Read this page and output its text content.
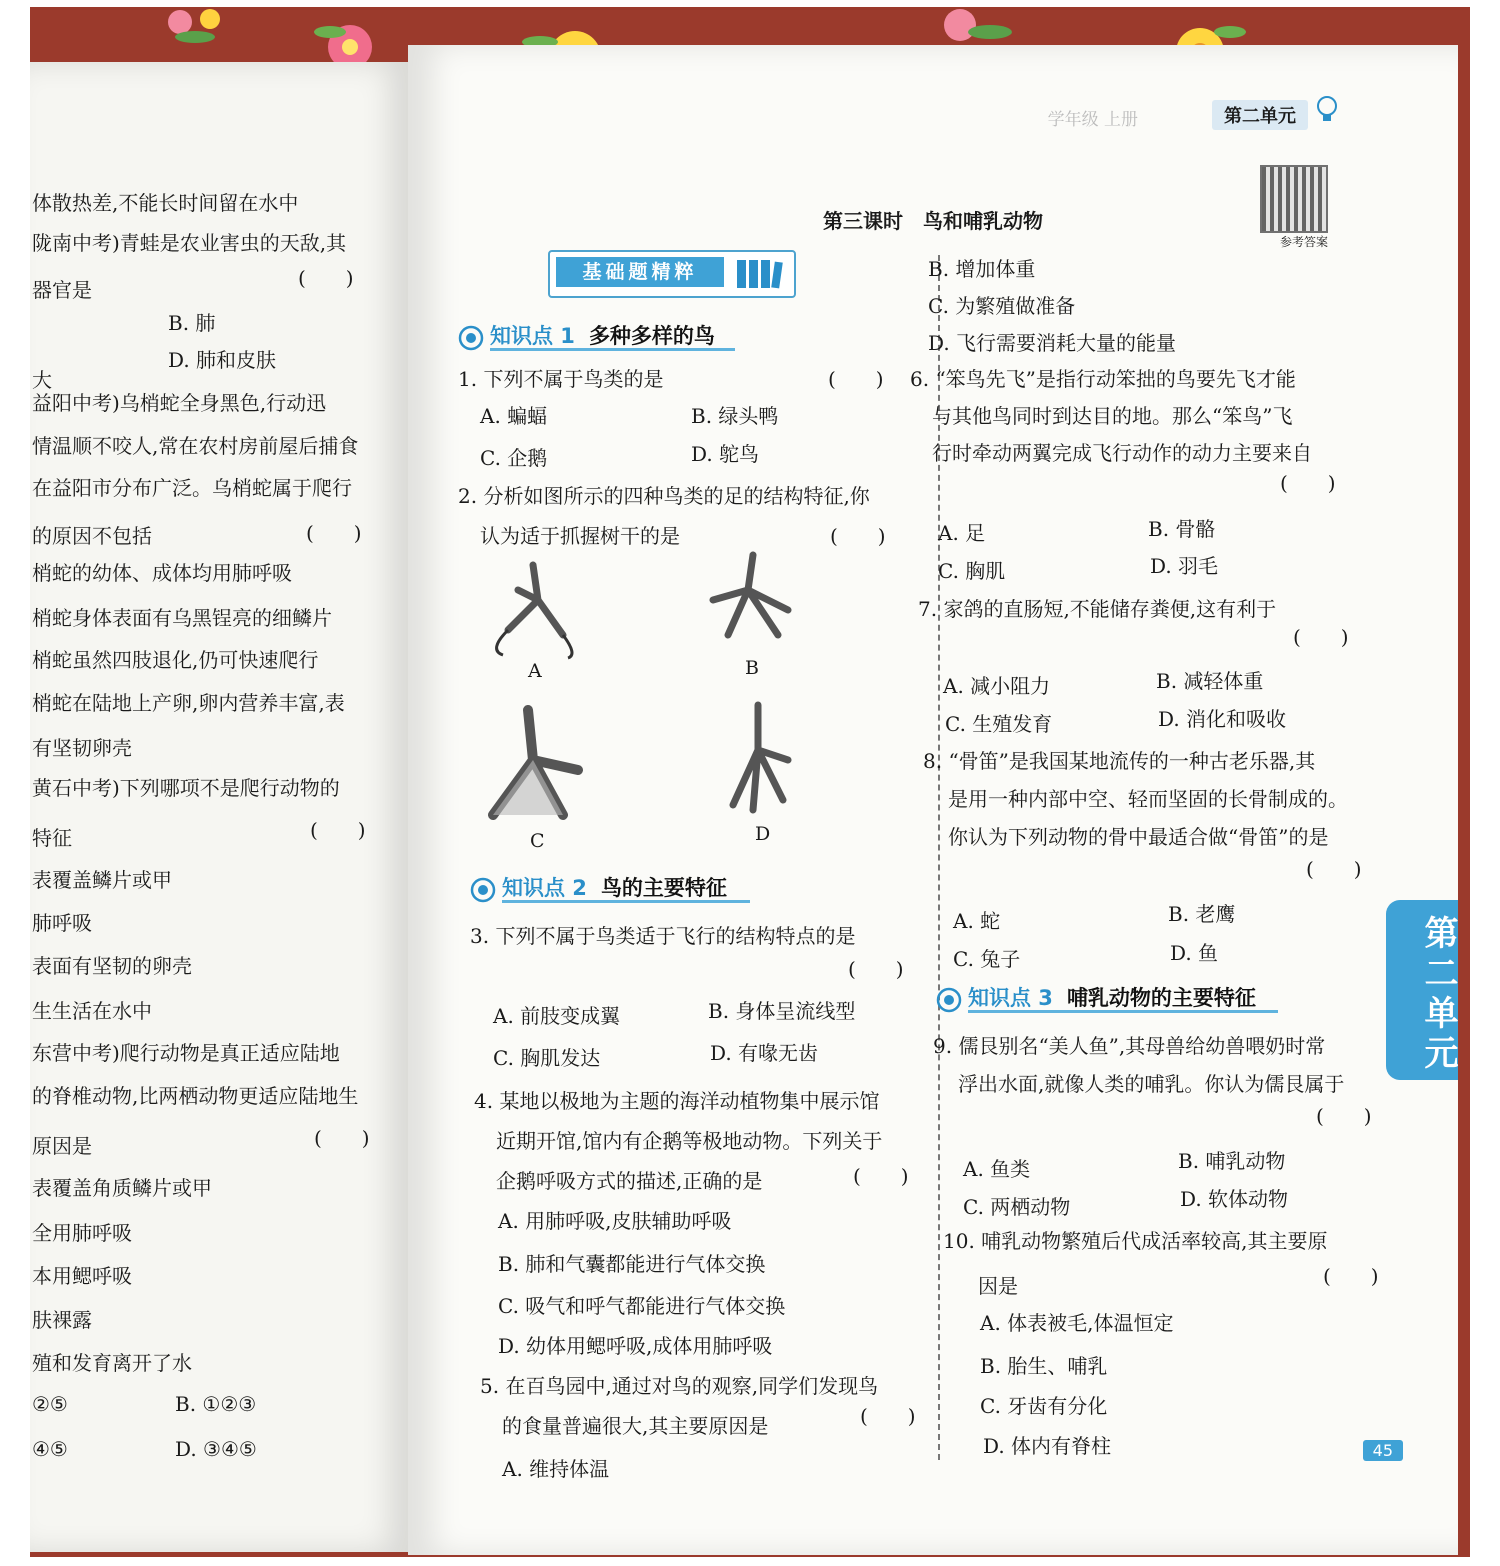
体散热差,不能长时间留在水中
陇南中考)青蛙是农业害虫的天敌,其
器官是	(　　)
B. 肺
大
D. 肺和皮肤
益阳中考)乌梢蛇全身黑色,行动迅
情温顺不咬人,常在农村房前屋后捕食
在益阳市分布广泛。乌梢蛇属于爬行
的原因不包括	(　　)
梢蛇的幼体、成体均用肺呼吸
梢蛇身体表面有乌黑锃亮的细鳞片
梢蛇虽然四肢退化,仍可快速爬行
梢蛇在陆地上产卵,卵内营养丰富,表
有坚韧卵壳
黄石中考)下列哪项不是爬行动物的
特征	(　　)
表覆盖鳞片或甲
肺呼吸
表面有坚韧的卵壳
生生活在水中
东营中考)爬行动物是真正适应陆地
的脊椎动物,比两栖动物更适应陆地生
原因是	(　　)
表覆盖角质鳞片或甲
全用肺呼吸
本用鳃呼吸
肤裸露
殖和发育离开了水
②⑤	B. ①②③
④⑤	D. ③④⑤
学年级 上册	第二单元
参考答案
第三课时　鸟和哺乳动物
基础题精粹
知识点 1 多种多样的鸟
1. 下列不属于鸟类的是	(　　)
A. 蝙蝠	B. 绿头鸭
C. 企鹅	D. 鸵鸟
2. 分析如图所示的四种鸟类的足的结构特征,你
认为适于抓握树干的是	(　　)
A	B
C	D
知识点 2 鸟的主要特征
3. 下列不属于鸟类适于飞行的结构特点的是
(　　)
A. 前肢变成翼	B. 身体呈流线型
C. 胸肌发达	D. 有喙无齿
4. 某地以极地为主题的海洋动植物集中展示馆
近期开馆,馆内有企鹅等极地动物。下列关于
企鹅呼吸方式的描述,正确的是	(　　)
A. 用肺呼吸,皮肤辅助呼吸
B. 肺和气囊都能进行气体交换
C. 吸气和呼气都能进行气体交换
D. 幼体用鳃呼吸,成体用肺呼吸
5. 在百鸟园中,通过对鸟的观察,同学们发现鸟
的食量普遍很大,其主要原因是	(　　)
A. 维持体温
B. 增加体重
C. 为繁殖做准备
D. 飞行需要消耗大量的能量
6. “笨鸟先飞”是指行动笨拙的鸟要先飞才能
与其他鸟同时到达目的地。那么“笨鸟”飞
行时牵动两翼完成飞行动作的动力主要来自
(　　)
A. 足	B. 骨骼
C. 胸肌	D. 羽毛
7. 家鸽的直肠短,不能储存粪便,这有利于
(　　)
A. 减小阻力	B. 减轻体重
C. 生殖发育	D. 消化和吸收
8. “骨笛”是我国某地流传的一种古老乐器,其
是用一种内部中空、轻而坚固的长骨制成的。
你认为下列动物的骨中最适合做“骨笛”的是
(　　)
A. 蛇	B. 老鹰
C. 兔子	D. 鱼
知识点 3 哺乳动物的主要特征
9. 儒艮别名“美人鱼”,其母兽给幼兽喂奶时常
浮出水面,就像人类的哺乳。你认为儒艮属于
(　　)
A. 鱼类	B. 哺乳动物
C. 两栖动物	D. 软体动物
10. 哺乳动物繁殖后代成活率较高,其主要原
因是	(　　)
A. 体表被毛,体温恒定
B. 胎生、哺乳
C. 牙齿有分化
D. 体内有脊柱
第二单元
45
